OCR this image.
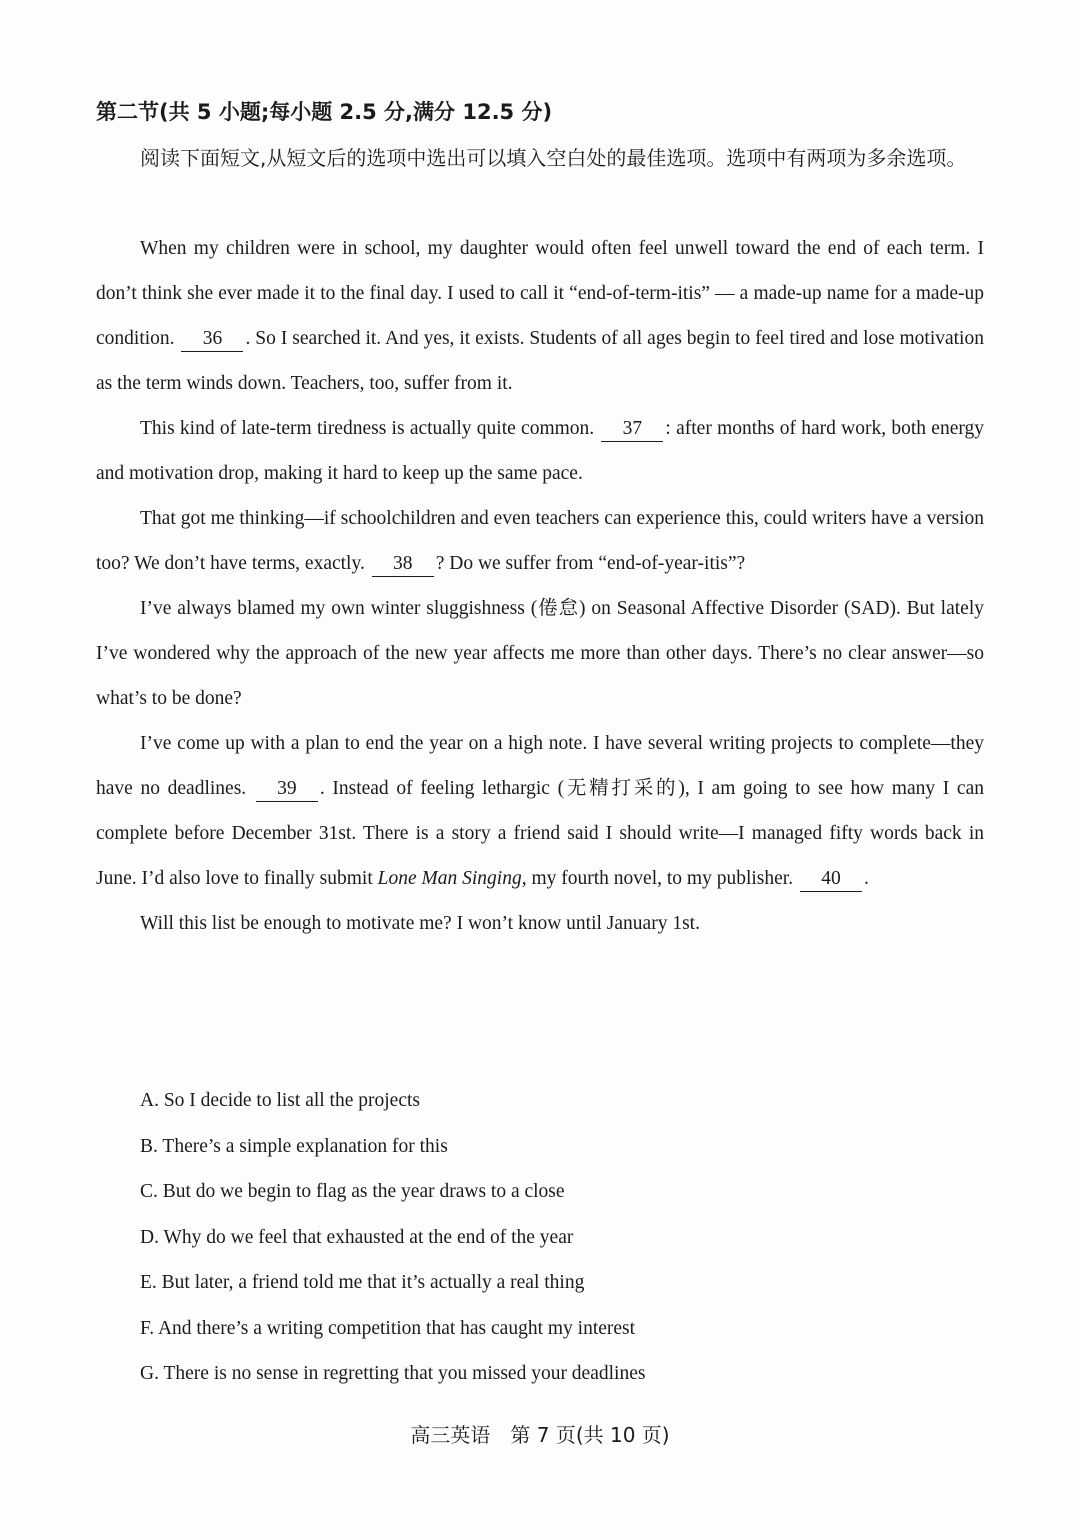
第二节(共 5 小题;每小题 2.5 分,满分 12.5 分)
阅读下面短文,从短文后的选项中选出可以填入空白处的最佳选项。选项中有两项为多余选项。

When my children were in school, my daughter would often feel unwell toward the end of each term. I don’t think she ever made it to the final day. I used to call it “end-of-term-itis” — a made-up name for a made-up condition. 36 . So I searched it. And yes, it exists. Students of all ages begin to feel tired and lose motivation as the term winds down. Teachers, too, suffer from it.

This kind of late-term tiredness is actually quite common. 37 : after months of hard work, both energy and motivation drop, making it hard to keep up the same pace.

That got me thinking—if schoolchildren and even teachers can experience this, could writers have a version too? We don’t have terms, exactly. 38 ? Do we suffer from “end-of-year-itis”?

I’ve always blamed my own winter sluggishness (倦怠) on Seasonal Affective Disorder (SAD). But lately I’ve wondered why the approach of the new year affects me more than other days. There’s no clear answer—so what’s to be done?

I’ve come up with a plan to end the year on a high note. I have several writing projects to complete—they have no deadlines. 39 . Instead of feeling lethargic (无精打采的), I am going to see how many I can complete before December 31st. There is a story a friend said I should write—I managed fifty words back in June. I’d also love to finally submit Lone Man Singing, my fourth novel, to my publisher. 40 .

Will this list be enough to motivate me? I won’t know until January 1st.

A. So I decide to list all the projects
B. There’s a simple explanation for this
C. But do we begin to flag as the year draws to a close
D. Why do we feel that exhausted at the end of the year
E. But later, a friend told me that it’s actually a real thing
F. And there’s a writing competition that has caught my interest
G. There is no sense in regretting that you missed your deadlines
高三英语　第 7 页(共 10 页)
